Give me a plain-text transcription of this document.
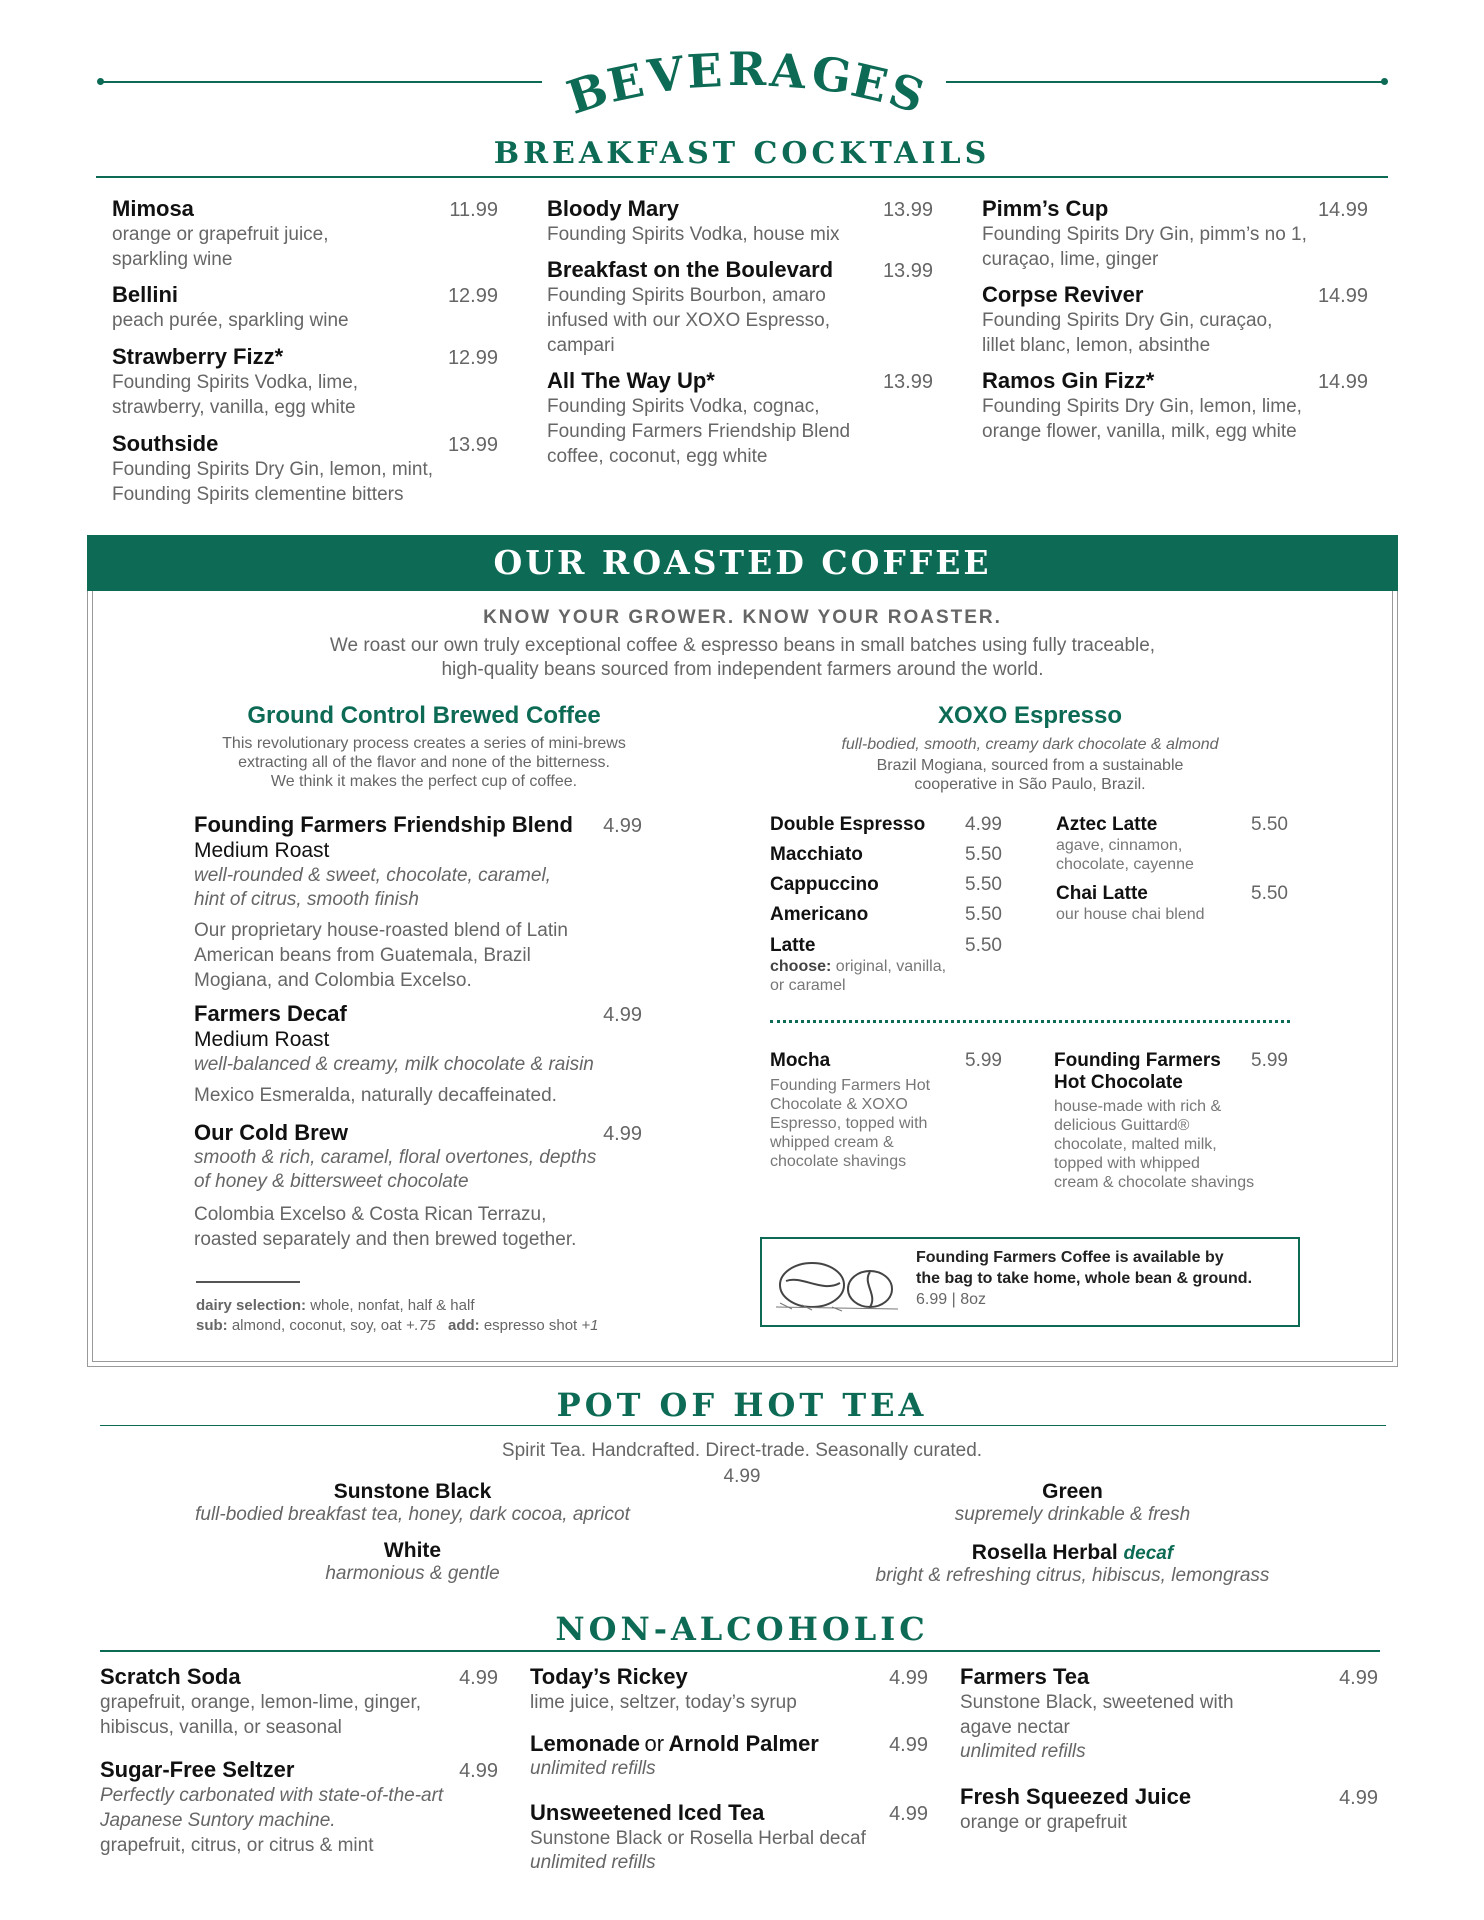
B
E
V
E R A G
E
S
BREAKFAST COCKTAILS
Mimosa	11.99
orange or grapefruit juice,
sparkling wine
Bellini	12.99
peach purée, sparkling wine
Strawberry Fizz*	12.99
Founding Spirits Vodka, lime,
strawberry, vanilla, egg white
Southside	13.99
Founding Spirits Dry Gin, lemon, mint,
Founding Spirits clementine bitters
Bloody Mary	13.99
Founding Spirits Vodka, house mix
Breakfast on the Boulevard 13.99
Founding Spirits Bourbon, amaro
infused with our XOXO Espresso,
campari
All The Way Up*	13.99
Founding Spirits Vodka, cognac,
Founding Farmers Friendship Blend
coffee, coconut, egg white
Pimm’s Cup	14.99
Founding Spirits Dry Gin, pimm’s no 1,
curaçao, lime, ginger
Corpse Reviver	14.99
Founding Spirits Dry Gin, curaçao,
lillet blanc, lemon, absinthe
Ramos Gin Fizz*	14.99
Founding Spirits Dry Gin, lemon, lime,
orange flower, vanilla, milk, egg white
OUR ROASTED COFFEE
KNOW YOUR GROWER. KNOW YOUR ROASTER.
We roast our own truly exceptional coffee & espresso beans in small batches using fully traceable,
high-quality beans sourced from independent farmers around the world.
Ground Control Brewed Coffee
This revolutionary process creates a series of mini-brews
extracting all of the flavor and none of the bitterness.
We think it makes the perfect cup of coffee.
Founding Farmers Friendship Blend 4.99
Medium Roast
well-rounded & sweet, chocolate, caramel,
hint of citrus, smooth finish
Our proprietary house-roasted blend of Latin
American beans from Guatemala, Brazil
Mogiana, and Colombia Excelso.
Farmers Decaf	4.99
Medium Roast
well-balanced & creamy, milk chocolate & raisin
Mexico Esmeralda, naturally decaffeinated.
Our Cold Brew	4.99
smooth & rich, caramel, floral overtones, depths
of honey & bittersweet chocolate
Colombia Excelso & Costa Rican Terrazu,
roasted separately and then brewed together.
dairy selection: whole, nonfat, half & half
sub: almond, coconut, soy, oat +.75 add: espresso shot +1
XOXO Espresso
full-bodied, smooth, creamy dark chocolate & almond
Brazil Mogiana, sourced from a sustainable
cooperative in São Paulo, Brazil.
Double Espresso 4.99
Macchiato	5.50
Cappuccino	5.50
Americano	5.50
Latte	5.50
choose: original, vanilla,
or caramel
Aztec Latte	5.50
agave, cinnamon,
chocolate, cayenne
Chai Latte	5.50
our house chai blend
Mocha	5.99
Founding Farmers Hot
Chocolate & XOXO
Espresso, topped with
whipped cream &
chocolate shavings
Founding Farmers 5.99
Hot Chocolate
house-made with rich &
delicious Guittard®
chocolate, malted milk,
topped with whipped
cream & chocolate shavings
Founding Farmers Coffee is available by
the bag to take home, whole bean & ground.
6.99 | 8oz
POT OF HOT TEA
Spirit Tea. Handcrafted. Direct-trade. Seasonally curated.
4.99
Sunstone Black
full-bodied breakfast tea, honey, dark cocoa, apricot
Green
supremely drinkable & fresh
White
harmonious & gentle
Rosella Herbal decaf
bright & refreshing citrus, hibiscus, lemongrass
NON-ALCOHOLIC
Scratch Soda	4.99
grapefruit, orange, lemon-lime, ginger,
hibiscus, vanilla, or seasonal
Sugar-Free Seltzer	4.99
Perfectly carbonated with state-of-the-art
Japanese Suntory machine.
grapefruit, citrus, or citrus & mint
Today’s Rickey	4.99
lime juice, seltzer, today’s syrup
Lemonade or Arnold Palmer	4.99
unlimited refills
Unsweetened Iced Tea	4.99
Sunstone Black or Rosella Herbal decaf
unlimited refills
Farmers Tea	4.99
Sunstone Black, sweetened with
agave nectar
unlimited refills
Fresh Squeezed Juice	4.99
orange or grapefruit
